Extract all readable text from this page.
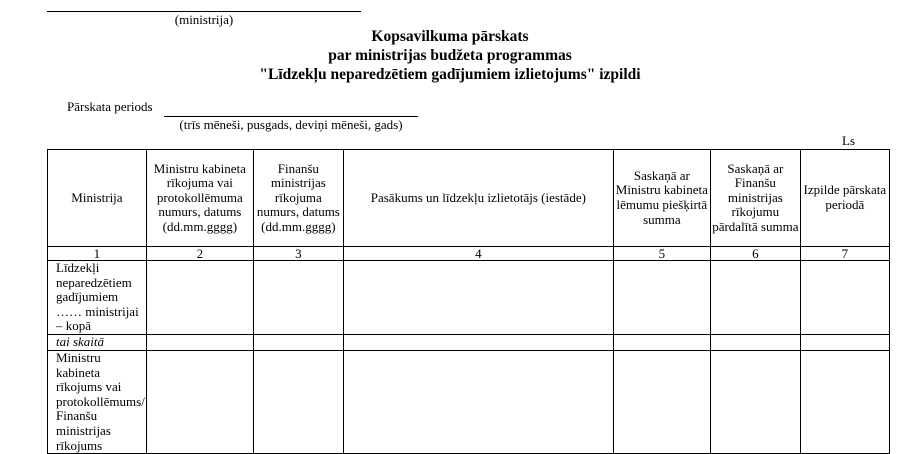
(ministrija)
Kopsavilkuma pārskats
par ministrijas budžeta programmas
"Līdzekļu neparedzētiem gadījumiem izlietojums" izpildi
Pārskata periods
(trīs mēneši, pusgads, deviņi mēneši, gads)
Ls
Ministrija	Ministru kabineta rīkojuma vai protokollēmuma numurs, datums (dd.mm.gggg)	Finanšu ministrijas rīkojuma numurs, datums (dd.mm.gggg)	Pasākums un līdzekļu izlietotājs (iestāde)	Saskaņā ar Ministru kabineta lēmumu piešķirtā summa	Saskaņā ar Finanšu ministrijas rīkojumu pārdalītā summa	Izpilde pārskata periodā
1	2	3	4	5	6	7
Līdzekļi neparedzētiem gadījumiem …… ministrijai – kopā						
tai skaitā						
Ministru kabineta rīkojums vai protokollēmums/ Finanšu ministrijas rīkojums						
